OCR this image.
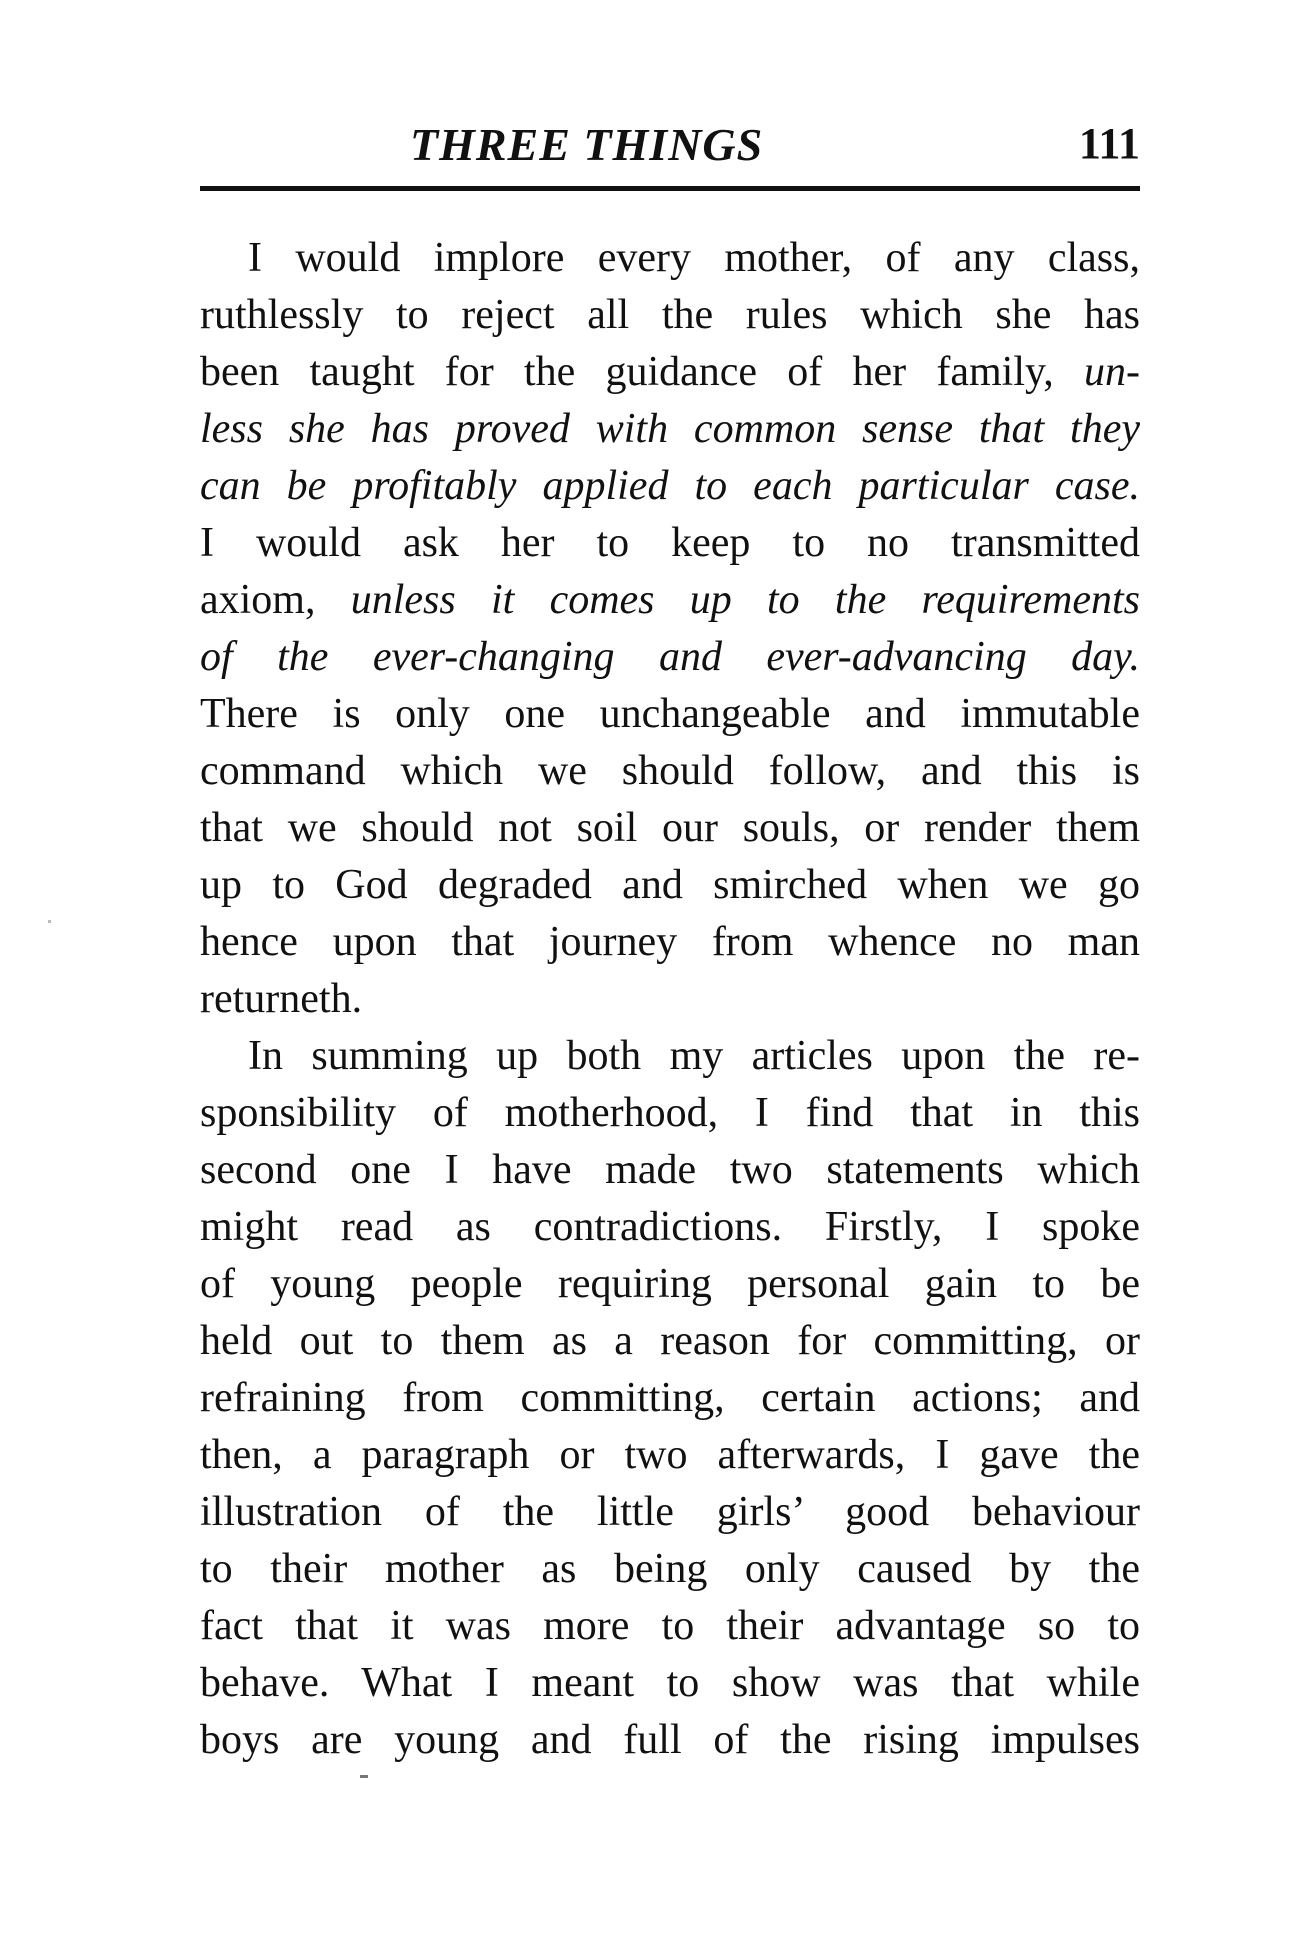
THREE THINGS	111
I would implore every mother, of any class,
ruthlessly to reject all the rules which she has
been taught for the guidance of her family, un-
less she has proved with common sense that they
can be profitably applied to each particular case.
I would ask her to keep to no transmitted
axiom, unless it comes up to the requirements
of the ever-changing and ever-advancing day.
There is only one unchangeable and immutable
command which we should follow, and this is
that we should not soil our souls, or render them
up to God degraded and smirched when we go
hence upon that journey from whence no man
returneth.
In summing up both my articles upon the re-
sponsibility of motherhood, I find that in this
second one I have made two statements which
might read as contradictions. Firstly, I spoke
of young people requiring personal gain to be
held out to them as a reason for committing, or
refraining from committing, certain actions; and
then, a paragraph or two afterwards, I gave the
illustration of the little girls’ good behaviour
to their mother as being only caused by the
fact that it was more to their advantage so to
behave. What I meant to show was that while
boys are young and full of the rising impulses
